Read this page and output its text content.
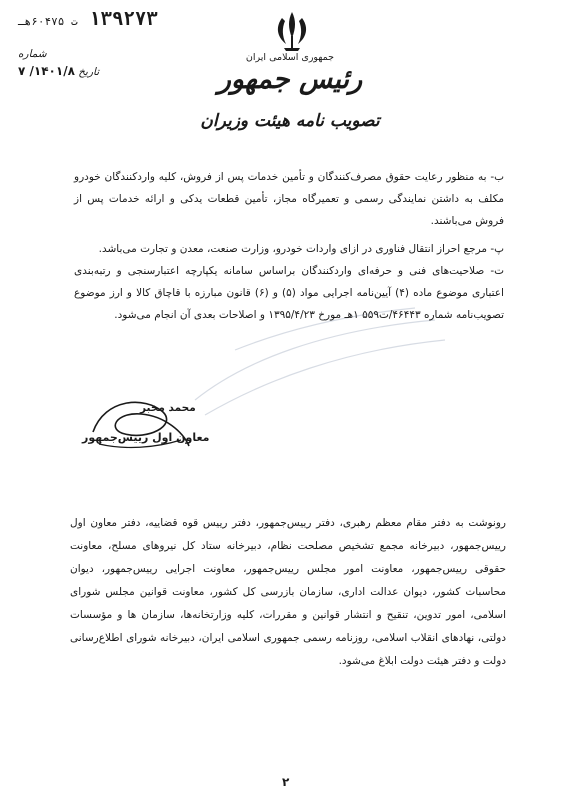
۱۳۹۲۷۳ ت ۶۰۴۷۵هـ
شماره
تاریخ ۱۴۰۱/۸/ ۷
جمهوری اسلامی ایران
رئیس جمهور
تصویب نامه هیئت وزیران
ب- به منظور رعایت حقوق مصرف‌کنندگان و تأمین خدمات پس از فروش، کلیه واردکنندگان خودرو مکلف به داشتن نمایندگی رسمی و تعمیرگاه مجاز، تأمین قطعات یدکی و ارائه خدمات پس از فروش می‌باشند.
پ- مرجع احراز انتقال فناوری در ازای واردات خودرو، وزارت صنعت، معدن و تجارت می‌باشد.
ت- صلاحیت‌های فنی و حرفه‌ای واردکنندگان براساس سامانه یکپارچه اعتبارسنجی و رتبه‌بندی اعتباری موضوع ماده (۴) آیین‌نامه اجرایی مواد (۵) و (۶) قانون مبارزه با قاچاق کالا و ارز موضوع تصویب‌نامه شماره ۴۶۴۴۳/ت۵۵۹ ۱هـ مورخ ۱۳۹۵/۴/۲۳ و اصلاحات بعدی آن انجام می‌شود.
محمد مخبر
معاون اول رییس‌جمهور
رونوشت به دفتر مقام معظم رهبری، دفتر رییس‌جمهور، دفتر رییس قوه قضاییه، دفتر معاون اول رییس‌جمهور، دبیرخانه مجمع تشخیص مصلحت نظام، دبیرخانه ستاد کل نیروهای مسلح، معاونت حقوقی رییس‌جمهور، معاونت امور مجلس رییس‌جمهور، معاونت اجرایی رییس‌جمهور، دیوان محاسبات کشور، دیوان عدالت اداری، سازمان بازرسی کل کشور، معاونت قوانین مجلس شورای اسلامی، امور تدوین، تنقیح و انتشار قوانین و مقررات، کلیه وزارتخانه‌ها، سازمان ها و مؤسسات دولتی، نهادهای انقلاب اسلامی، روزنامه رسمی جمهوری اسلامی ایران، دبیرخانه شورای اطلاع‌رسانی دولت و دفتر هیئت دولت ابلاغ می‌شود.
۲
